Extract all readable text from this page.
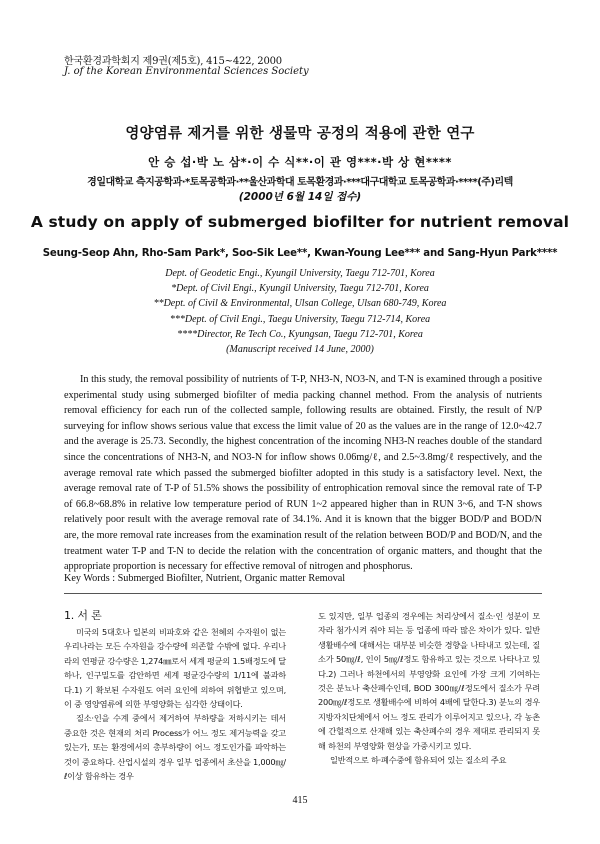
한국환경과학회지 제9권(제5호), 415~422, 2000
J. of the Korean Environmental Sciences Society
영양염류 제거를 위한 생물막 공정의 적용에 관한 연구
안 승 섭·박 노 삼*·이 수 식**·이 관 영***·박 상 현****
경일대학교 측지공학과·*토목공학과·**울산과학대 토목환경과·***대구대학교 토목공학과·****(주)리텍
(2000년 6월 14일 접수)
A study on apply of submerged biofilter for nutrient removal
Seung-Seop Ahn, Rho-Sam Park*, Soo-Sik Lee**, Kwan-Young Lee*** and Sang-Hyun Park****
Dept. of Geodetic Engi., Kyungil University, Taegu 712-701, Korea
*Dept. of Civil Engi., Kyungil University, Taegu 712-701, Korea
**Dept. of Civil & Environmental, Ulsan College, Ulsan 680-749, Korea
***Dept. of Civil Engi., Taegu University, Taegu 712-714, Korea
****Director, Re Tech Co., Kyungsan, Taegu 712-701, Korea
(Manuscript received 14 June, 2000)

In this study, the removal possibility of nutrients of T-P, NH3-N, NO3-N, and T-N is examined through a positive experimental study using submerged biofilter of media packing channel method. From the analysis of nutrients removal efficiency for each run of the collected sample, following results are obtained. Firstly, the result of N/P surveying for inflow shows serious value that excess the limit value of 20 as the values are in the range of 12.0~42.7 and the average is 25.73. Secondly, the highest concentration of the incoming NH3-N reaches double of the standard since the concentrations of NH3-N, and NO3-N for inflow shows 0.06mg/ℓ, and 2.5~3.8mg/ℓ respectively, and the average removal rate which passed the submerged biofilter adopted in this study is a satisfactory level. Next, the average removal rate of T-P of 51.5% shows the possibility of entrophication removal since the removal rate of T-P of 66.8~68.8% in relative low temperature period of RUN 1~2 appeared higher than in RUN 3~6, and T-N shows relatively poor result with the average removal rate of 34.1%. And it is known that the bigger BOD/P and BOD/N are, the more removal rate increases from the examination result of the relation between BOD/P and BOD/N, and the treatment water T-P and T-N to decide the relation with the concentration of organic matters, and thought that the appropriate proportion is necessary for effective removal of nitrogen and phosphorus.

Key Words : Submerged Biofilter, Nutrient, Organic matter Removal
1. 서 론

미국의 5대호나 일본의 비파호와 같은 천혜의 수자원이 없는 우리나라는 모든 수자원을 강수량에 의존할 수밖에 없다. 우리나라의 연평균 강수량은 1,274㎜로서 세계 평균의 1.5배정도에 달하나, 인구밀도를 감안하면 세계 평균강수량의 1/11에 불과하다.1) 기 확보된 수자원도 여러 요인에 의하여 위협받고 있으며, 이 중 영양염류에 의한 부영양화는 심각한 상태이다.

질소·인을 수계 중에서 제거하여 부하량을 저하시키는 데서 중요한 것은 현재의 처리 Process가 어느 정도 제거능력을 갖고 있는가, 또는 환경에서의 총부하량이 어느 정도인가를 파악하는 것이 중요하다. 산업시설의 경우 일부 업종에서 초산을 1,000㎎/ℓ이상 함유하는 경우

도 있지만, 일부 업종의 경우에는 처리상에서 질소·인 성분이 모자라 첨가시켜 줘야 되는 등 업종에 따라 많은 차이가 있다. 일반 생활배수에 대해서는 대부분 비슷한 경향을 나타내고 있는데, 질소가 50㎎/ℓ, 인이 5㎎/ℓ정도 함유하고 있는 것으로 나타나고 있다.2) 그러나 하천에서의 부영양화 요인에 가장 크게 기여하는 것은 분뇨나 축산폐수인데, BOD 300㎎/ℓ정도에서 질소가 무려 200㎎/ℓ정도로 생활배수에 비하여 4배에 달한다.3) 분뇨의 경우 지방자치단체에서 어느 정도 관리가 이루어지고 있으나, 각 농촌에 간헐적으로 산재해 있는 축산폐수의 경우 제대로 관리되지 못해 하천의 부영양화 현상을 가중시키고 있다.

일반적으로 하·폐수중에 함유되어 있는 질소의 주요

415
